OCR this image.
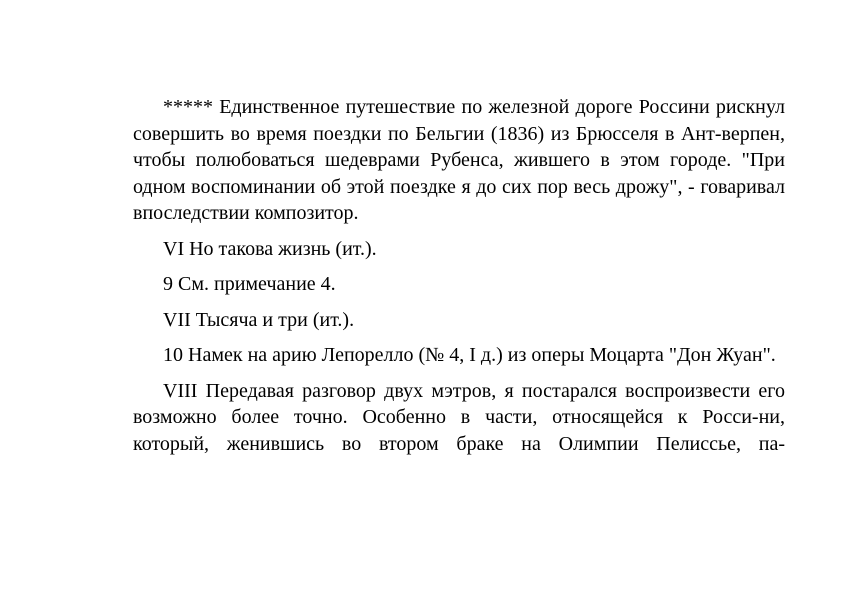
***** Единственное путешествие по железной дороге Россини рискнул совершить во время поездки по Бельгии (1836) из Брюсселя в Ант-верпен, чтобы полюбоваться шедеврами Рубенса, жившего в этом городе. "При одном воспоминании об этой поездке я до сих пор весь дрожу", - говаривал впоследствии композитор.

VI Но такова жизнь (ит.).

9 См. примечание 4.

VII Тысяча и три (ит.).

10 Намек на арию Лепорелло (№ 4, I д.) из оперы Моцарта "Дон Жуан".

VIII Передавая разговор двух мэтров, я постарался воспроизвести его возможно более точно. Особенно в части, относящейся к Росси-ни, который, женившись во втором браке на Олимпии Пелиссье, па-
